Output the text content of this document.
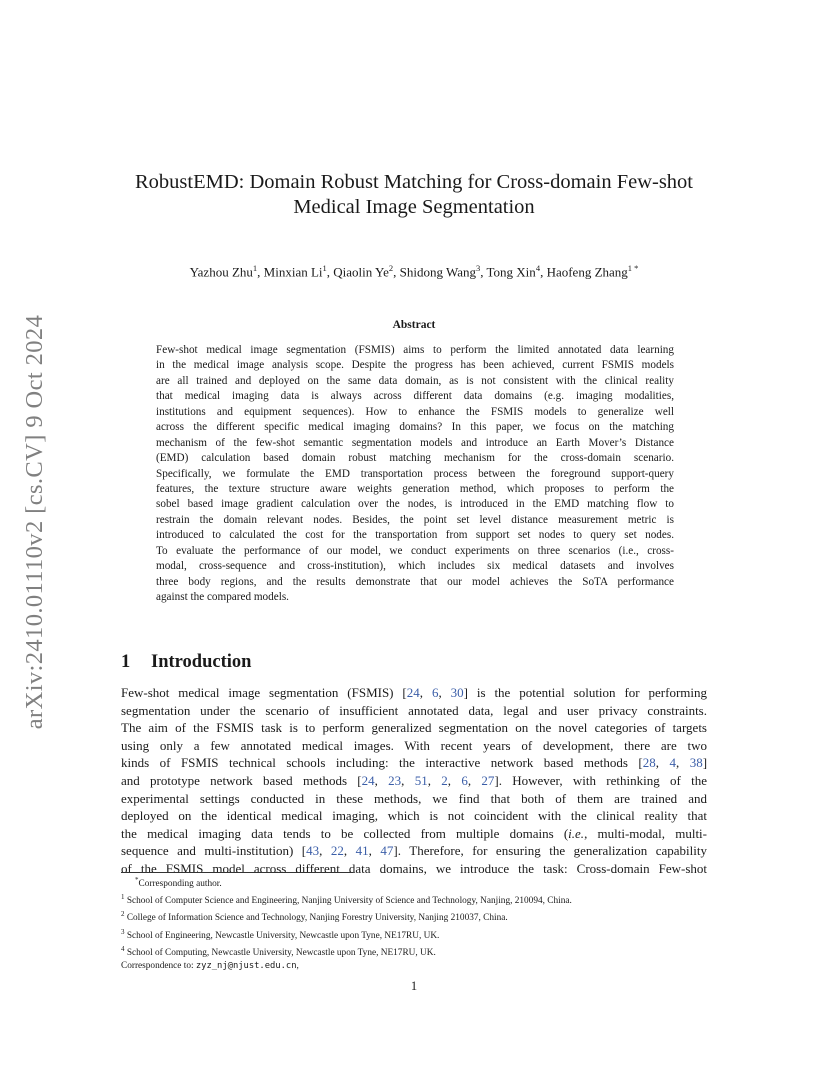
arXiv:2410.01110v2 [cs.CV] 9 Oct 2024
RobustEMD: Domain Robust Matching for Cross-domain Few-shot
Medical Image Segmentation
Yazhou Zhu$^1$, Minxian Li$^1$, Qiaolin Ye$^2$, Shidong Wang$^3$, Tong Xin$^4$, Haofeng Zhang$^{1 *}$
Abstract
Few-shot medical image segmentation (FSMIS) aims to perform the limited annotated data learning
in the medical image analysis scope. Despite the progress has been achieved, current FSMIS models
are all trained and deployed on the same data domain, as is not consistent with the clinical reality
that medical imaging data is always across different data domains (e.g. imaging modalities,
institutions and equipment sequences). How to enhance the FSMIS models to generalize well
across the different specific medical imaging domains? In this paper, we focus on the matching
mechanism of the few-shot semantic segmentation models and introduce an Earth Mover’s Distance
(EMD) calculation based domain robust matching mechanism for the cross-domain scenario.
Specifically, we formulate the EMD transportation process between the foreground support-query
features, the texture structure aware weights generation method, which proposes to perform the
sobel based image gradient calculation over the nodes, is introduced in the EMD matching flow to
restrain the domain relevant nodes. Besides, the point set level distance measurement metric is
introduced to calculated the cost for the transportation from support set nodes to query set nodes.
To evaluate the performance of our model, we conduct experiments on three scenarios (i.e., cross-
modal, cross-sequence and cross-institution), which includes six medical datasets and involves
three body regions, and the results demonstrate that our model achieves the SoTA performance
against the compared models.
1 Introduction
Few-shot medical image segmentation (FSMIS) [24, 6, 30] is the potential solution for performing
segmentation under the scenario of insufficient annotated data, legal and user privacy constraints.
The aim of the FSMIS task is to perform generalized segmentation on the novel categories of targets
using only a few annotated medical images. With recent years of development, there are two
kinds of FSMIS technical schools including: the interactive network based methods [28, 4, 38]
and prototype network based methods [24, 23, 51, 2, 6, 27]. However, with rethinking of the
experimental settings conducted in these methods, we find that both of them are trained and
deployed on the identical medical imaging, which is not coincident with the clinical reality that
the medical imaging data tends to be collected from multiple domains (i.e., multi-modal, multi-
sequence and multi-institution) [43, 22, 41, 47]. Therefore, for ensuring the generalization capability
of the FSMIS model across different data domains, we introduce the task: Cross-domain Few-shot
*Corresponding author.
$^1$ School of Computer Science and Engineering, Nanjing University of Science and Technology, Nanjing, 210094, China.
$^2$ College of Information Science and Technology, Nanjing Forestry University, Nanjing 210037, China.
$^3$ School of Engineering, Newcastle University, Newcastle upon Tyne, NE17RU, UK.
$^4$ School of Computing, Newcastle University, Newcastle upon Tyne, NE17RU, UK.
Correspondence to: zyz_nj@njust.edu.cn,
1
